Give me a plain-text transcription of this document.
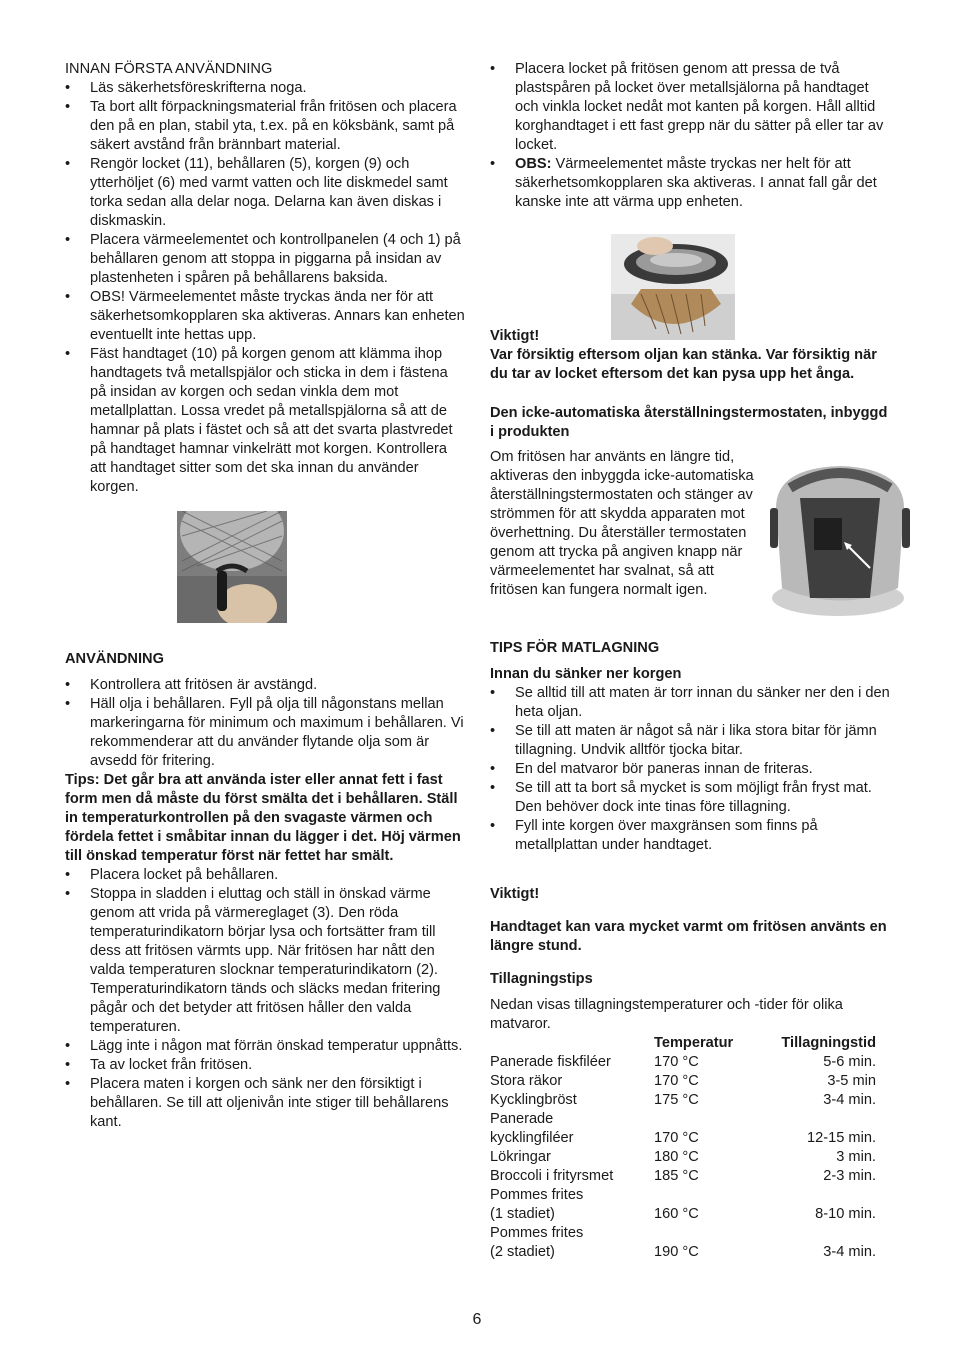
INNAN FÖRSTA ANVÄNDNING

• Läs säkerhetsföreskrifterna noga.
• Ta bort allt förpackningsmaterial från fritösen och placera den på en plan, stabil yta, t.ex. på en köksbänk, samt på säkert avstånd från brännbart material.
• Rengör locket (11), behållaren (5), korgen (9) och ytterhöljet (6) med varmt vatten och lite diskmedel samt torka sedan alla delar noga. Delarna kan även diskas i diskmaskin.
• Placera värmeelementet och kontrollpanelen (4 och 1) på behållaren genom att stoppa in piggarna på insidan av plastenheten i spåren på behållarens baksida.
• OBS! Värmeelementet måste tryckas ända ner för att säkerhetsomkopplaren ska aktiveras. Annars kan enheten eventuellt inte hettas upp.
• Fäst handtaget (10) på korgen genom att klämma ihop handtagets två metallspjälor och sticka in dem i fästena på insidan av korgen och sedan vinkla dem mot metallplattan. Lossa vredet på metallspjälorna så att de hamnar på plats i fästet och så att det svarta plastvredet på handtaget hamnar vinkelrätt mot korgen. Kontrollera att handtaget sitter som det ska innan du använder korgen.

ANVÄNDNING

• Kontrollera att fritösen är avstängd.
• Häll olja i behållaren. Fyll på olja till någonstans mellan markeringarna för minimum och maximum i behållaren. Vi rekommenderar att du använder flytande olja som är avsedd för fritering.

Tips: Det går bra att använda ister eller annat fett i fast form men då måste du först smälta det i behållaren. Ställ in temperaturkontrollen på den svagaste värmen och fördela fettet i småbitar innan du lägger i det. Höj värmen till önskad temperatur först när fettet har smält.

• Placera locket på behållaren.
• Stoppa in sladden i eluttag och ställ in önskad värme genom att vrida på värmereglaget (3). Den röda temperaturindikatorn börjar lysa och fortsätter fram till dess att fritösen värmts upp. När fritösen har nått den valda temperaturen slocknar temperaturindikatorn (2). Temperaturindikatorn tänds och släcks medan fritering pågår och det betyder att fritösen håller den valda temperaturen.
• Lägg inte i någon mat förrän önskad temperatur uppnåtts.
• Ta av locket från fritösen.
• Placera maten i korgen och sänk ner den försiktigt i behållaren. Se till att oljenivån inte stiger till behållarens kant.
• Placera locket på fritösen genom att pressa de två plastspåren på locket över metallsjälorna på handtaget och vinkla locket nedåt mot kanten på korgen. Håll alltid korghandtaget i ett fast grepp när du sätter på eller tar av locket.
• OBS: Värmeelementet måste tryckas ner helt för att säkerhetsomkopplaren ska aktiveras. I annat fall går det kanske inte att värma upp enheten.

Viktigt!

Var försiktig eftersom oljan kan stänka. Var försiktig när du tar av locket eftersom det kan pysa upp het ånga.

Den icke-automatiska återställningstermostaten, inbyggd i produkten

Om fritösen har använts en längre tid, aktiveras den inbyggda icke-automatiska återställningstermostaten och stänger av strömmen för att skydda apparaten mot överhettning. Du återställer termostaten genom att trycka på angiven knapp när värmeelementet har svalnat, så att fritösen kan fungera normalt igen.

TIPS FÖR MATLAGNING

Innan du sänker ner korgen

• Se alltid till att maten är torr innan du sänker ner den i den heta oljan.
• Se till att maten är något så när i lika stora bitar för jämn tillagning. Undvik alltför tjocka bitar.
• En del matvaror bör paneras innan de friteras.
• Se till att ta bort så mycket is som möjligt från fryst mat. Den behöver dock inte tinas före tillagning.
• Fyll inte korgen över maxgränsen som finns på metallplattan under handtaget.

Viktigt!

Handtaget kan vara mycket varmt om fritösen använts en längre stund.

Tillagningstips

Nedan visas tillagningstemperaturer och -tider för olika matvaror.

	Temperatur	Tillagningstid
Panerade fiskfiléer	170 °C	5-6 min.
Stora räkor	170 °C	3-5 min
Kycklingbröst	175 °C	3-4 min.
Panerade		
kycklingfiléer	170 °C	12-15 min.
Lökringar	180 °C	3 min.
Broccoli i frityrsmet	185 °C	2-3 min.
Pommes frites		
(1 stadiet)	160 °C	8-10 min.
Pommes frites		
(2 stadiet)	190 °C	3-4 min.
6
